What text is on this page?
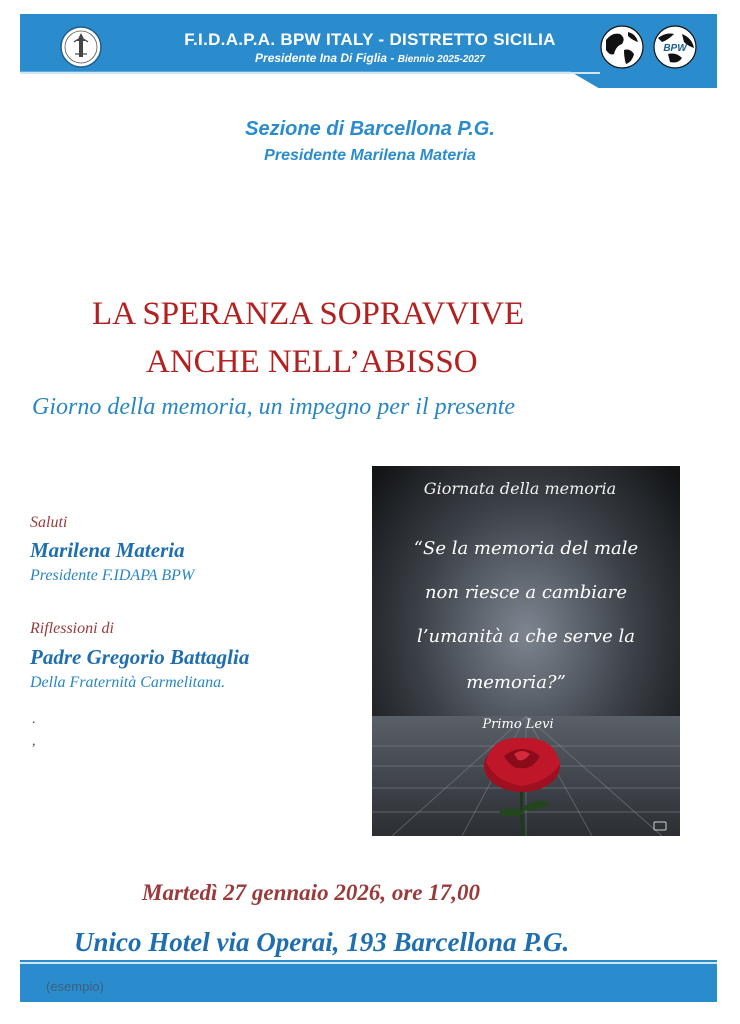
F.I.D.A.P.A. BPW ITALY - DISTRETTO SICILIA
Presidente Ina Di Figlia - Biennio 2025-2027
BPW
Sezione di Barcellona P.G.
Presidente Marilena Materia
LA SPERANZA SOPRAVVIVE
ANCHE NELL’ABISSO
Giorno della memoria, un impegno per il presente
Saluti
Marilena Materia
Presidente F.IDAPA BPW
Riflessioni di
Padre Gregorio Battaglia
Della Fraternità Carmelitana.
.
,
Giornata della memoria
“Se la memoria del male
non riesce a cambiare
l’umanità a che serve la
memoria?”
Primo Levi
Martedì 27 gennaio 2026, ore 17,00
Unico Hotel via Operai, 193 Barcellona P.G.
(esempio)
